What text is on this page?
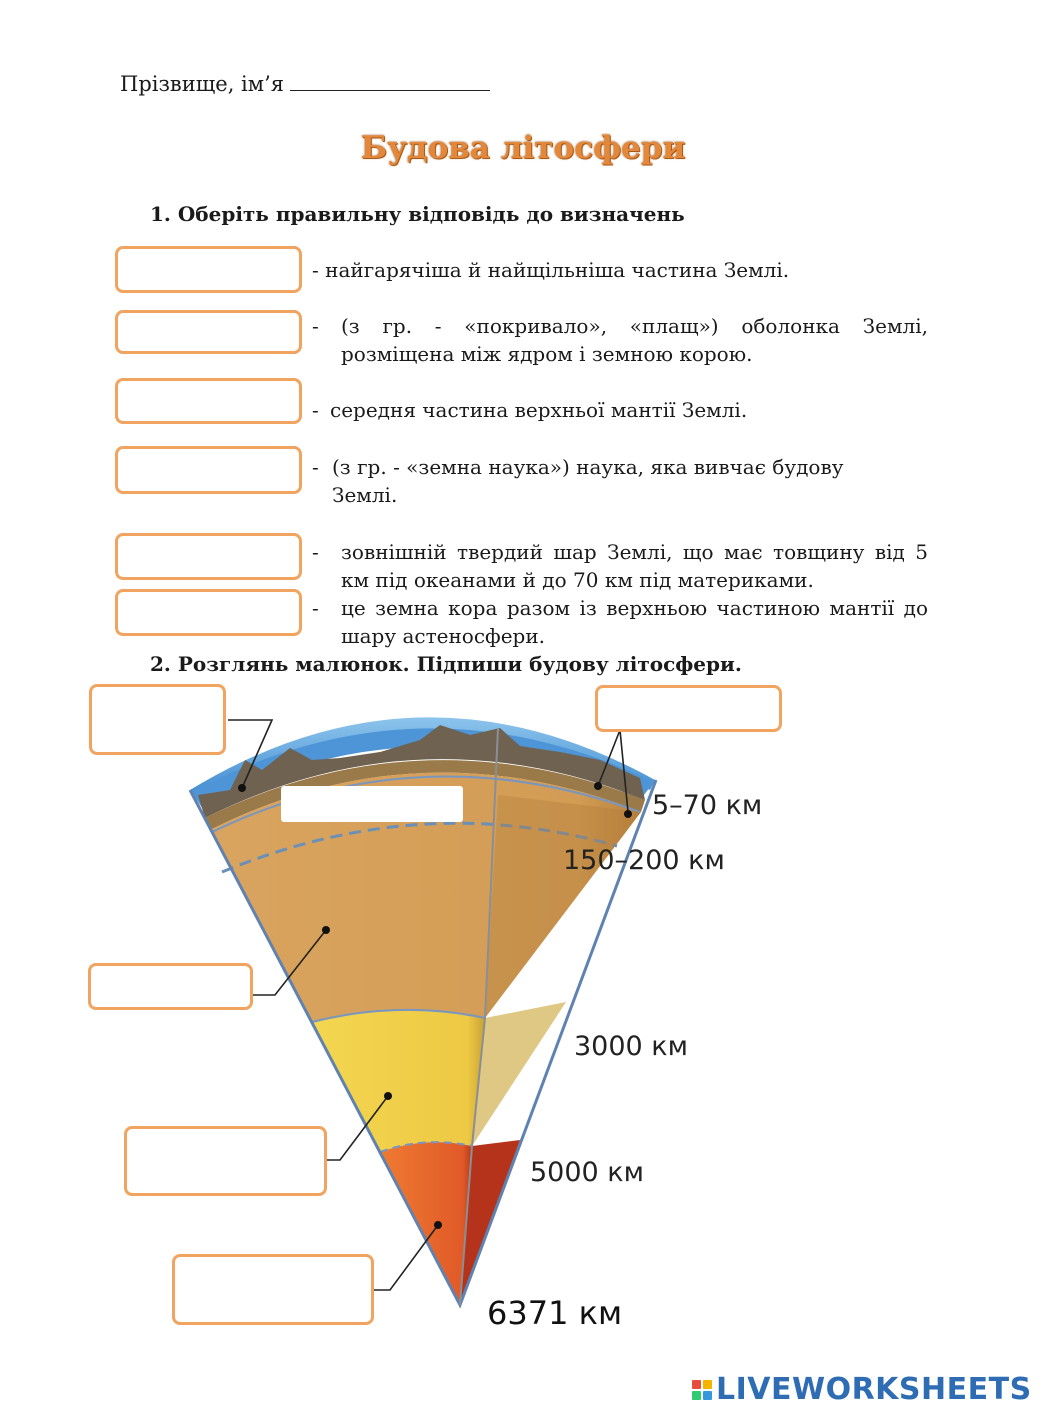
Прізвище, ім’я
Будова літосфери
1. Оберіть правильну відповідь до визначень
- найгарячіша й найщільніша частина Землі.
- (з гр. - «покривало», «плащ») оболонка Землі, розміщена між ядром і земною корою.
- середня частина верхньої мантії Землі.
- (з гр. - «земна наука») наука, яка вивчає будову Землі.
- зовнішній твердий шар Землі, що має товщину від 5 км під океанами й до 70 км під материками.
- це земна кора разом із верхньою частиною мантії до шару астеносфери.
2. Розглянь малюнок. Підпиши будову літосфери.
5–70 км
150–200 км
3000 км
5000 км
6371 км
LIVEWORKSHEETS
